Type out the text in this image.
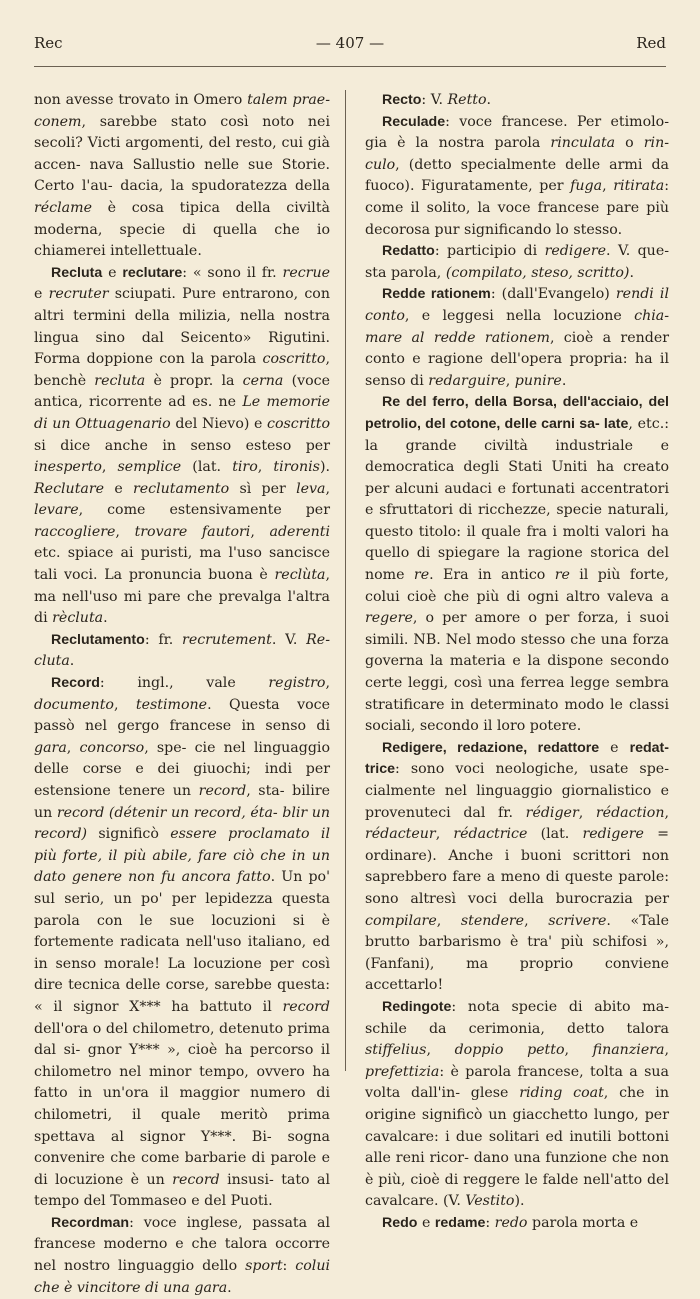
Rec	— 407 —	Red

non avesse trovato in Omero talem prae- conem, sarebbe stato così noto nei secoli? Victi argomenti, del resto, cui già accen- nava Sallustio nelle sue Storie. Certo l'au- dacia, la spudoratezza della réclame è cosa tipica della civiltà moderna, specie di quella che io chiamerei intellettuale.

Recluta e reclutare: « sono il fr. recrue e recruter sciupati. Pure entrarono, con altri termini della milizia, nella nostra lingua sino dal Seicento» Rigutini. Forma doppione con la parola coscritto, benchè recluta è propr. la cerna (voce antica, ricorrente ad es. ne Le memorie di un Ottuagenario del Nievo) e coscritto si dice anche in senso esteso per inesperto, semplice (lat. tiro, tironis). Reclutare e reclutamento sì per leva, levare, come estensivamente per raccogliere, trovare fautori, aderenti etc. spiace ai puristi, ma l'uso sancisce tali voci. La pronuncia buona è reclùta, ma nell'uso mi pare che prevalga l'altra di rècluta.

Reclutamento: fr. recrutement. V. Re- cluta.

Record: ingl., vale registro, documento, testimone. Questa voce passò nel gergo francese in senso di gara, concorso, spe- cie nel linguaggio delle corse e dei giuochi; indi per estensione tenere un record, sta- bilire un record (détenir un record, éta- blir un record) significò essere proclamato il più forte, il più abile, fare ciò che in un dato genere non fu ancora fatto. Un po' sul serio, un po' per lepidezza questa parola con le sue locuzioni si è fortemente radicata nell'uso italiano, ed in senso morale! La locuzione per così dire tecnica delle corse, sarebbe questa: « il signor X*** ha battuto il record dell'ora o del chilometro, detenuto prima dal si- gnor Y*** », cioè ha percorso il chilometro nel minor tempo, ovvero ha fatto in un'ora il maggior numero di chilometri, il quale meritò prima spettava al signor Y***. Bi- sogna convenire che come barbarie di parole e di locuzione è un record insusi- tato al tempo del Tommaseo e del Puoti.

Recordman: voce inglese, passata al francese moderno e che talora occorre nel nostro linguaggio dello sport: colui che è vincitore di una gara.

Recto: V. Retto.

Reculade: voce francese. Per etimolo- gia è la nostra parola rinculata o rin- culo, (detto specialmente delle armi da fuoco). Figuratamente, per fuga, ritirata: come il solito, la voce francese pare più decorosa pur significando lo stesso.

Redatto: participio di redigere. V. que- sta parola, (compilato, steso, scritto).

Redde rationem: (dall'Evangelo) rendi il conto, e leggesi nella locuzione chia- mare al redde rationem, cioè a render conto e ragione dell'opera propria: ha il senso di redarguire, punire.

Re del ferro, della Borsa, dell'acciaio, del petrolio, del cotone, delle carni sa- late, etc.: la grande civiltà industriale e democratica degli Stati Uniti ha creato per alcuni audaci e fortunati accentratori e sfruttatori di ricchezze, specie naturali, questo titolo: il quale fra i molti valori ha quello di spiegare la ragione storica del nome re. Era in antico re il più forte, colui cioè che più di ogni altro valeva a regere, o per amore o per forza, i suoi simili. NB. Nel modo stesso che una forza governa la materia e la dispone secondo certe leggi, così una ferrea legge sembra stratificare in determinato modo le classi sociali, secondo il loro potere.

Redigere, redazione, redattore e redat- trice: sono voci neologiche, usate spe- cialmente nel linguaggio giornalistico e provenuteci dal fr. rédiger, rédaction, rédacteur, rédactrice (lat. redigere = ordinare). Anche i buoni scrittori non saprebbero fare a meno di queste parole: sono altresì voci della burocrazia per compilare, stendere, scrivere. «Tale brutto barbarismo è tra' più schifosi », (Fanfani), ma proprio conviene accettarlo!

Redingote: nota specie di abito ma- schile da cerimonia, detto talora stiffelius, doppio petto, finanziera, prefettizia: è parola francese, tolta a sua volta dall'in- glese riding coat, che in origine significò un giacchetto lungo, per cavalcare: i due solitari ed inutili bottoni alle reni ricor- dano una funzione che non è più, cioè di reggere le falde nell'atto del cavalcare. (V. Vestito).

Redo e redame: redo parola morta e
